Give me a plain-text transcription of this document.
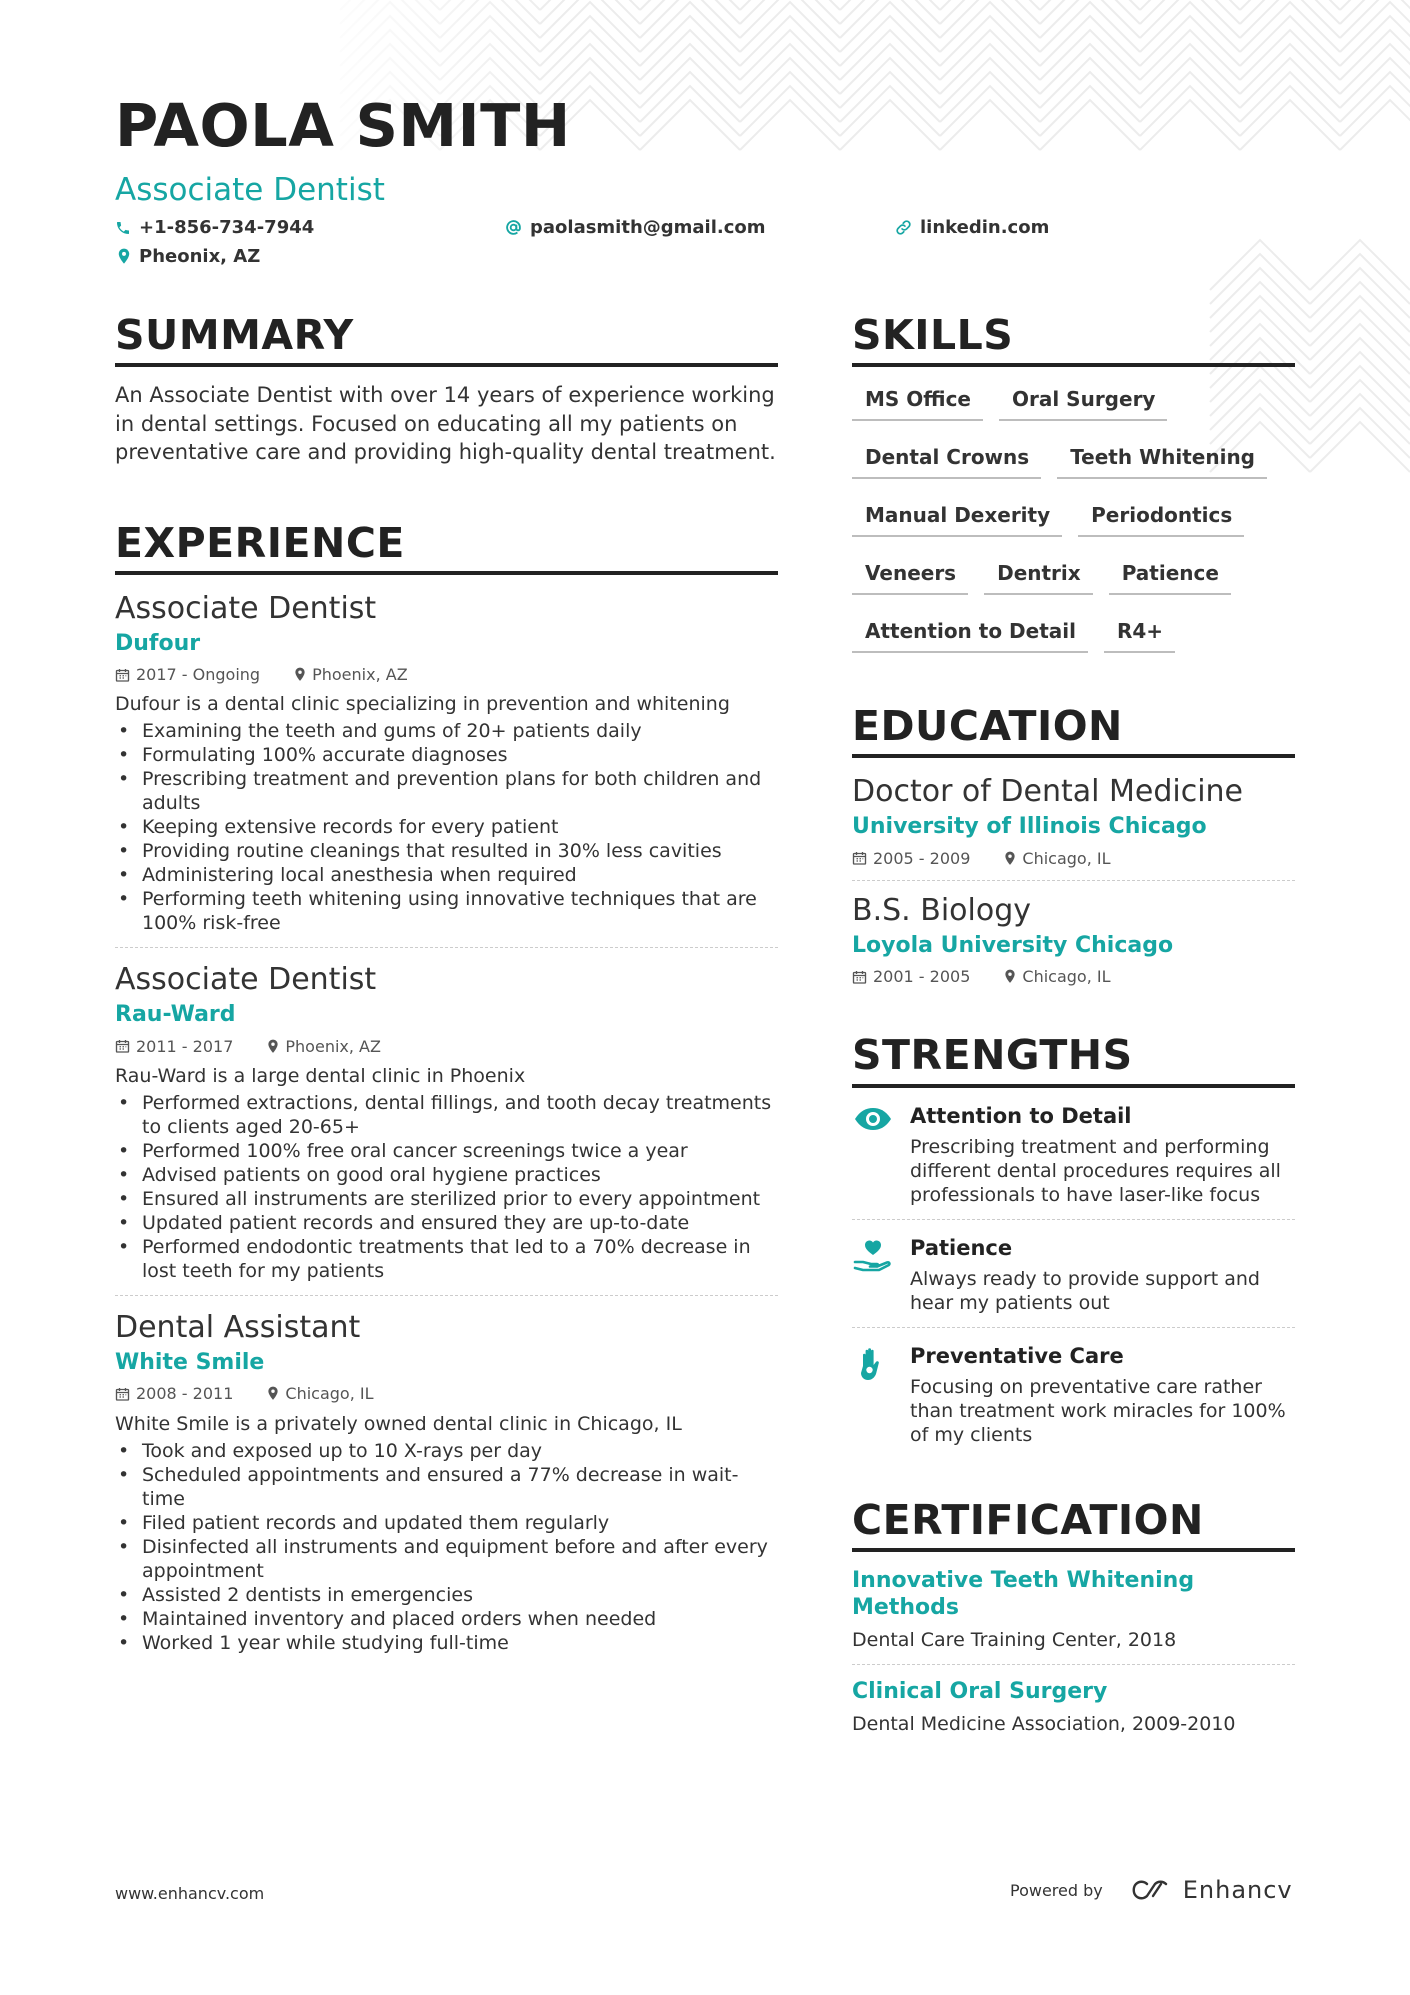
PAOLA SMITH
Associate Dentist
+1-856-734-7944	paolasmith@gmail.com	linkedin.com
Pheonix, AZ
SUMMARY

An Associate Dentist with over 14 years of experience working in dental settings. Focused on educating all my patients on preventative care and providing high-quality dental treatment.

EXPERIENCE
Associate Dentist
Dufour
2017 - Ongoing	Phoenix, AZ
Dufour is a dental clinic specializing in prevention and whitening
• Examining the teeth and gums of 20+ patients daily
• Formulating 100% accurate diagnoses
• Prescribing treatment and prevention plans for both children and adults
• Keeping extensive records for every patient
• Providing routine cleanings that resulted in 30% less cavities
• Administering local anesthesia when required
• Performing teeth whitening using innovative techniques that are 100% risk-free
Associate Dentist
Rau-Ward
2011 - 2017	Phoenix, AZ
Rau-Ward is a large dental clinic in Phoenix
• Performed extractions, dental fillings, and tooth decay treatments to clients aged 20-65+
• Performed 100% free oral cancer screenings twice a year
• Advised patients on good oral hygiene practices
• Ensured all instruments are sterilized prior to every appointment
• Updated patient records and ensured they are up-to-date
• Performed endodontic treatments that led to a 70% decrease in lost teeth for my patients
Dental Assistant
White Smile
2008 - 2011	Chicago, IL
White Smile is a privately owned dental clinic in Chicago, IL
• Took and exposed up to 10 X-rays per day
• Scheduled appointments and ensured a 77% decrease in wait-time
• Filed patient records and updated them regularly
• Disinfected all instruments and equipment before and after every appointment
• Assisted 2 dentists in emergencies
• Maintained inventory and placed orders when needed
• Worked 1 year while studying full-time
SKILLS
MS Office	Oral Surgery
Dental Crowns	Teeth Whitening
Manual Dexerity	Periodontics
Veneers	Dentrix	Patience
Attention to Detail	R4+
EDUCATION
Doctor of Dental Medicine
University of Illinois Chicago
2005 - 2009	Chicago, IL
B.S. Biology
Loyola University Chicago
2001 - 2005	Chicago, IL
STRENGTHS
Attention to Detail
Prescribing treatment and performing different dental procedures requires all professionals to have laser-like focus
Patience
Always ready to provide support and hear my patients out
Preventative Care
Focusing on preventative care rather than treatment work miracles for 100% of my clients
CERTIFICATION
Innovative Teeth Whitening Methods
Dental Care Training Center, 2018
Clinical Oral Surgery
Dental Medicine Association, 2009-2010
www.enhancv.com	Powered by	Enhancv
